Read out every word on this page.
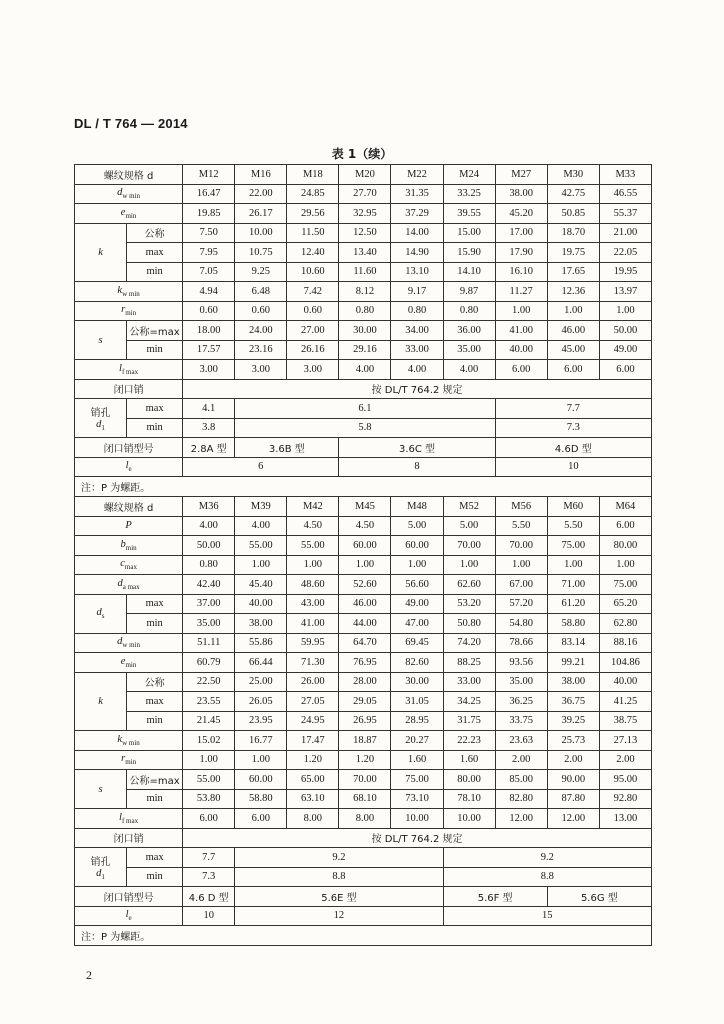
DL / T 764 — 2014
表 1（续）
螺纹规格 d		M12	M16	M18	M20	M22	M24	M27	M30	M33
$d_{w min}$		16.47	22.00	24.85	27.70	31.35	33.25	38.00	42.75	46.55
$e_{min}$		19.85	26.17	29.56	32.95	37.29	39.55	45.20	50.85	55.37
k	公称	7.50	10.00	11.50	12.50	14.00	15.00	17.00	18.70	21.00
	max	7.95	10.75	12.40	13.40	14.90	15.90	17.90	19.75	22.05
	min	7.05	9.25	10.60	11.60	13.10	14.10	16.10	17.65	19.95
$k_{w min}$		4.94	6.48	7.42	8.12	9.17	9.87	11.27	12.36	13.97
$r_{min}$		0.60	0.60	0.60	0.80	0.80	0.80	1.00	1.00	1.00
s	公称=max	18.00	24.00	27.00	30.00	34.00	36.00	41.00	46.00	50.00
	min	17.57	23.16	26.16	29.16	33.00	35.00	40.00	45.00	49.00
$l_{f max}$		3.00	3.00	3.00	4.00	4.00	4.00	6.00	6.00	6.00
闭口销		按 DL/T 764.2 规定								
销孔
$d_1$	max	4.1	6.1					7.7		
	min	3.8	5.8					7.3		
闭口销型号		2.8A 型	3.6B 型		3.6C 型			4.6D 型		
$l_e$		6			8			10		
注：P 为螺距。										
螺纹规格 d		M36	M39	M42	M45	M48	M52	M56	M60	M64
P		4.00	4.00	4.50	4.50	5.00	5.00	5.50	5.50	6.00
$b_{min}$		50.00	55.00	55.00	60.00	60.00	70.00	70.00	75.00	80.00
$c_{max}$		0.80	1.00	1.00	1.00	1.00	1.00	1.00	1.00	1.00
$d_{a max}$		42.40	45.40	48.60	52.60	56.60	62.60	67.00	71.00	75.00
$d_s$	max	37.00	40.00	43.00	46.00	49.00	53.20	57.20	61.20	65.20
	min	35.00	38.00	41.00	44.00	47.00	50.80	54.80	58.80	62.80
$d_{w min}$		51.11	55.86	59.95	64.70	69.45	74.20	78.66	83.14	88.16
$e_{min}$		60.79	66.44	71.30	76.95	82.60	88.25	93.56	99.21	104.86
k	公称	22.50	25.00	26.00	28.00	30.00	33.00	35.00	38.00	40.00
	max	23.55	26.05	27.05	29.05	31.05	34.25	36.25	36.75	41.25
	min	21.45	23.95	24.95	26.95	28.95	31.75	33.75	39.25	38.75
$k_{w min}$		15.02	16.77	17.47	18.87	20.27	22.23	23.63	25.73	27.13
$r_{min}$		1.00	1.00	1.20	1.20	1.60	1.60	2.00	2.00	2.00
s	公称=max	55.00	60.00	65.00	70.00	75.00	80.00	85.00	90.00	95.00
	min	53.80	58.80	63.10	68.10	73.10	78.10	82.80	87.80	92.80
$l_{f max}$		6.00	6.00	8.00	8.00	10.00	10.00	12.00	12.00	13.00
闭口销		按 DL/T 764.2 规定								
销孔
$d_1$	max	7.7	9.2				9.2			
	min	7.3	8.8				8.8			
闭口销型号		4.6 D 型	5.6E 型				5.6F 型		5.6G 型	
$l_e$		10	12				15			
注：P 为螺距。										
2
